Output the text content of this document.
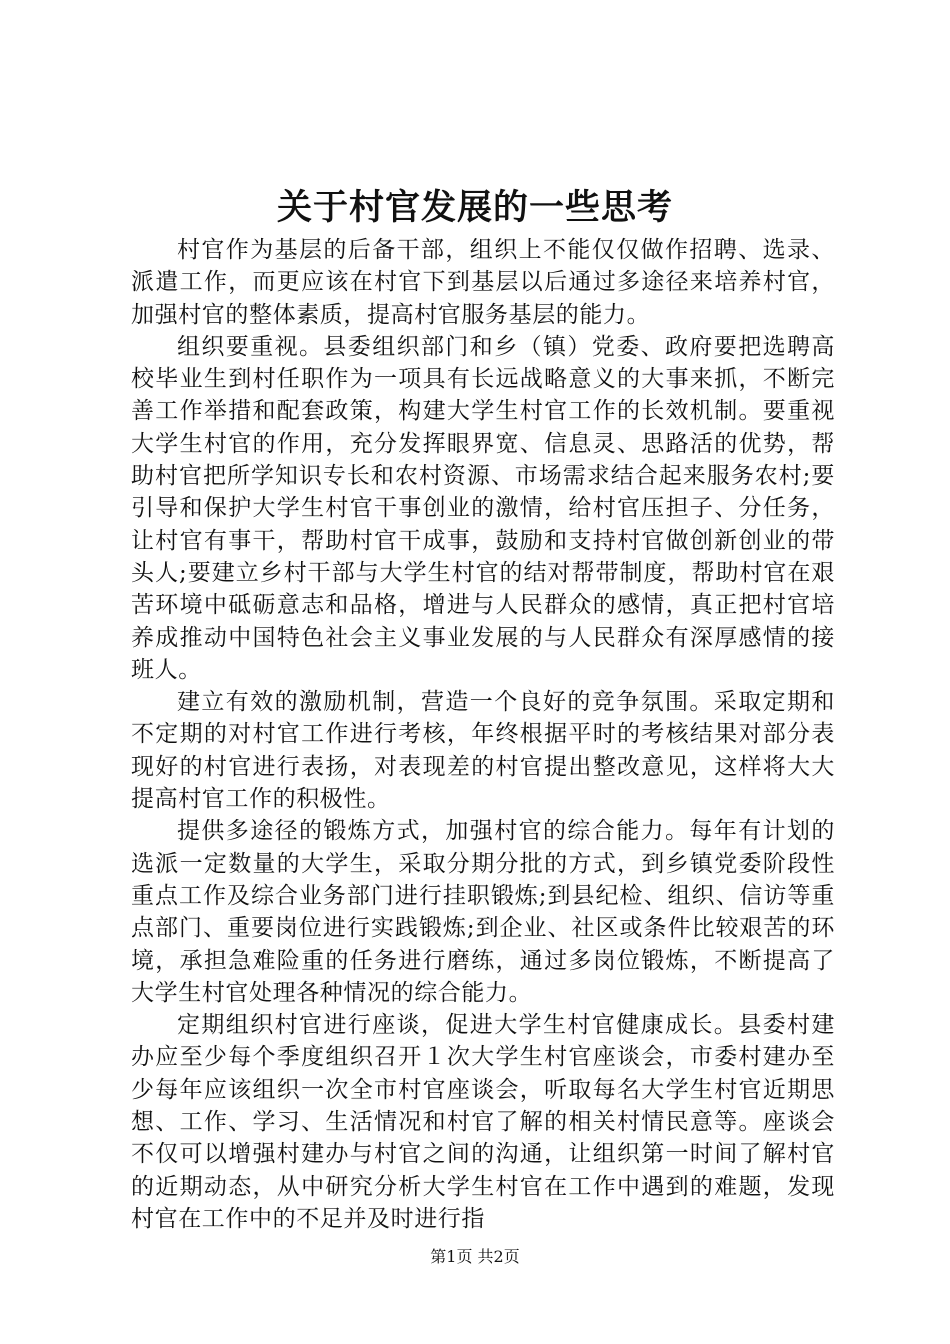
关于村官发展的一些思考

村官作为基层的后备干部，组织上不能仅仅做作招聘、选录、派遣工作，而更应该在村官下到基层以后通过多途径来培养村官，加强村官的整体素质，提高村官服务基层的能力。

组织要重视。县委组织部门和乡（镇）党委、政府要把选聘高校毕业生到村任职作为一项具有长远战略意义的大事来抓，不断完善工作举措和配套政策，构建大学生村官工作的长效机制。要重视大学生村官的作用，充分发挥眼界宽、信息灵、思路活的优势，帮助村官把所学知识专长和农村资源、市场需求结合起来服务农村;要引导和保护大学生村官干事创业的激情，给村官压担子、分任务，让村官有事干，帮助村官干成事，鼓励和支持村官做创新创业的带头人;要建立乡村干部与大学生村官的结对帮带制度，帮助村官在艰苦环境中砥砺意志和品格，增进与人民群众的感情，真正把村官培养成推动中国特色社会主义事业发展的与人民群众有深厚感情的接班人。

建立有效的激励机制，营造一个良好的竞争氛围。采取定期和不定期的对村官工作进行考核，年终根据平时的考核结果对部分表现好的村官进行表扬，对表现差的村官提出整改意见，这样将大大提高村官工作的积极性。

提供多途径的锻炼方式，加强村官的综合能力。每年有计划的选派一定数量的大学生，采取分期分批的方式，到乡镇党委阶段性重点工作及综合业务部门进行挂职锻炼;到县纪检、组织、信访等重点部门、重要岗位进行实践锻炼;到企业、社区或条件比较艰苦的环境，承担急难险重的任务进行磨练，通过多岗位锻炼，不断提高了大学生村官处理各种情况的综合能力。

定期组织村官进行座谈，促进大学生村官健康成长。县委村建办应至少每个季度组织召开１次大学生村官座谈会，市委村建办至少每年应该组织一次全市村官座谈会，听取每名大学生村官近期思想、工作、学习、生活情况和村官了解的相关村情民意等。座谈会不仅可以增强村建办与村官之间的沟通，让组织第一时间了解村官的近期动态，从中研究分析大学生村官在工作中遇到的难题，发现村官在工作中的不足并及时进行指

第1页 共2页
